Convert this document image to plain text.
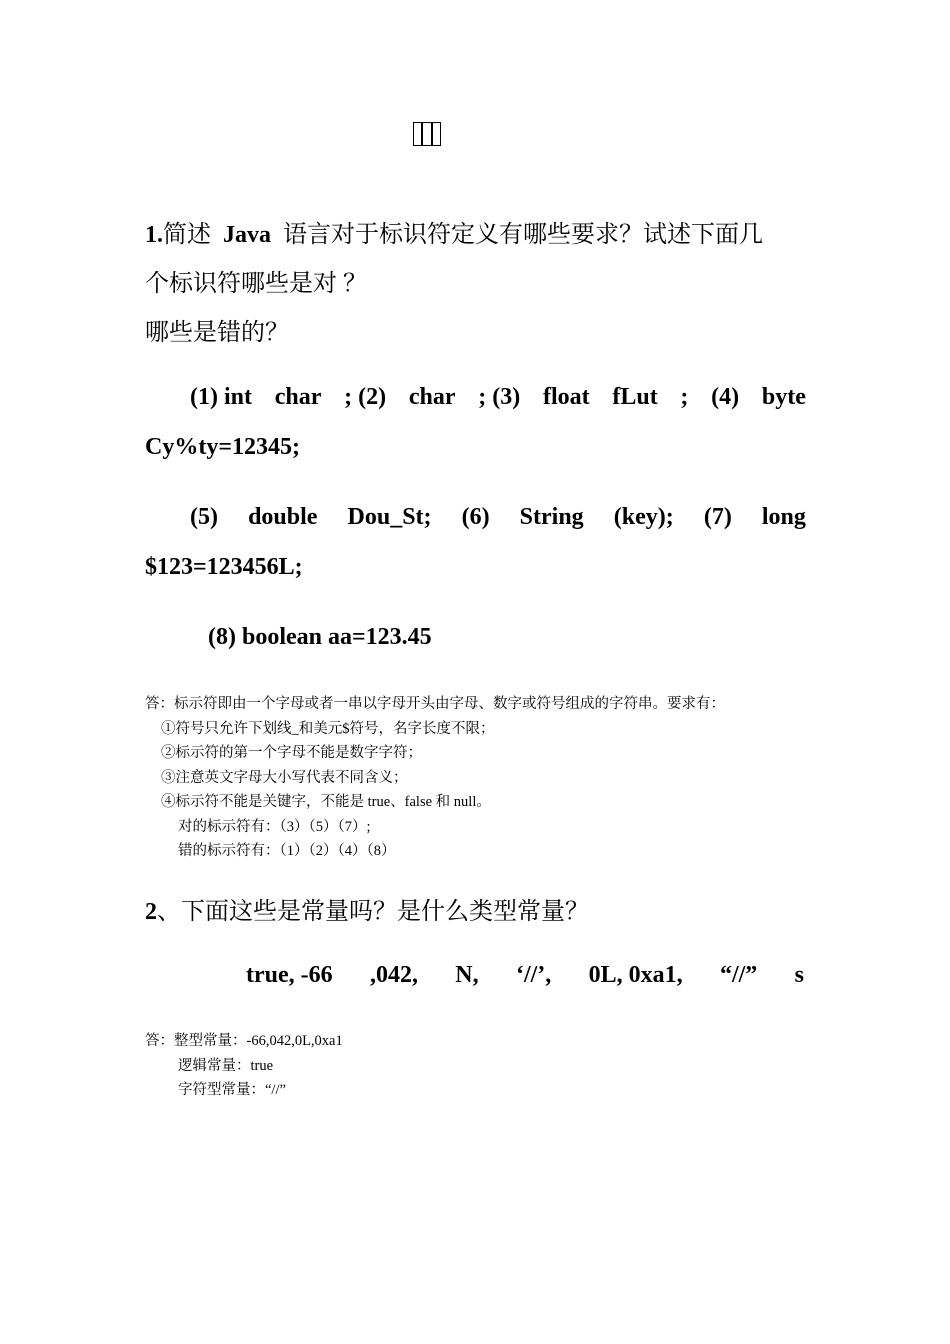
1.简述 Java 语言对于标识符定义有哪些要求？试述下面几
个标识符哪些是对 ？
哪些是错的？
(1) int char ; (2) char ; (3) float fLut ; (4) byte
Cy%ty=12345;
(5) double Dou_St; (6) String (key); (7) long
$123=123456L;
(8) boolean aa=123.45
答：标示符即由一个字母或者一串以字母开头由字母、数字或符号组成的字符串。要求有：
①符号只允许下划线_和美元$符号，名字长度不限；
②标示符的第一个字母不能是数字字符；
③注意英文字母大小写代表不同含义；
④标示符不能是关键字，不能是 true、false 和 null。
对的标示符有：（3）（5）（7）;
错的标示符有：（1）（2）（4）（8）
2、下面这些是常量吗？是什么类型常量？
true, -66 ,042, N, ‘//’, 0L, 0xa1, “//” s
答：整型常量：-66,042,0L,0xa1
逻辑常量：true
字符型常量：“//”
